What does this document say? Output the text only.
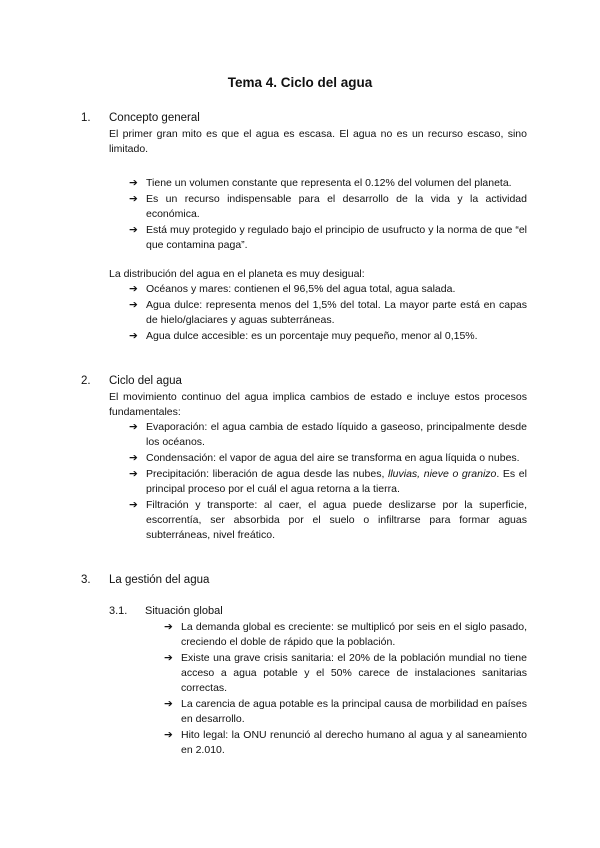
Tema 4. Ciclo del agua
1. Concepto general
El primer gran mito es que el agua es escasa. El agua no es un recurso escaso, sino limitado.
➔ Tiene un volumen constante que representa el 0.12% del volumen del planeta.
➔ Es un recurso indispensable para el desarrollo de la vida y la actividad económica.
➔ Está muy protegido y regulado bajo el principio de usufructo y la norma de que “el que contamina paga”.
La distribución del agua en el planeta es muy desigual:
➔ Océanos y mares: contienen el 96,5% del agua total, agua salada.
➔ Agua dulce: representa menos del 1,5% del total. La mayor parte está en capas de hielo/glaciares y aguas subterráneas.
➔ Agua dulce accesible: es un porcentaje muy pequeño, menor al 0,15%.
2. Ciclo del agua
El movimiento continuo del agua implica cambios de estado e incluye estos procesos fundamentales:
➔ Evaporación: el agua cambia de estado líquido a gaseoso, principalmente desde los océanos.
➔ Condensación: el vapor de agua del aire se transforma en agua líquida o nubes.
➔ Precipitación: liberación de agua desde las nubes, lluvias, nieve o granizo. Es el principal proceso por el cuál el agua retorna a la tierra.
➔ Filtración y transporte: al caer, el agua puede deslizarse por la superficie, escorrentía, ser absorbida por el suelo o infiltrarse para formar aguas subterráneas, nivel freático.
3. La gestión del agua
3.1. Situación global
➔ La demanda global es creciente: se multiplicó por seis en el siglo pasado, creciendo el doble de rápido que la población.
➔ Existe una grave crisis sanitaria: el 20% de la población mundial no tiene acceso a agua potable y el 50% carece de instalaciones sanitarias correctas.
➔ La carencia de agua potable es la principal causa de morbilidad en países en desarrollo.
➔ Hito legal: la ONU renunció al derecho humano al agua y al saneamiento en 2.010.
